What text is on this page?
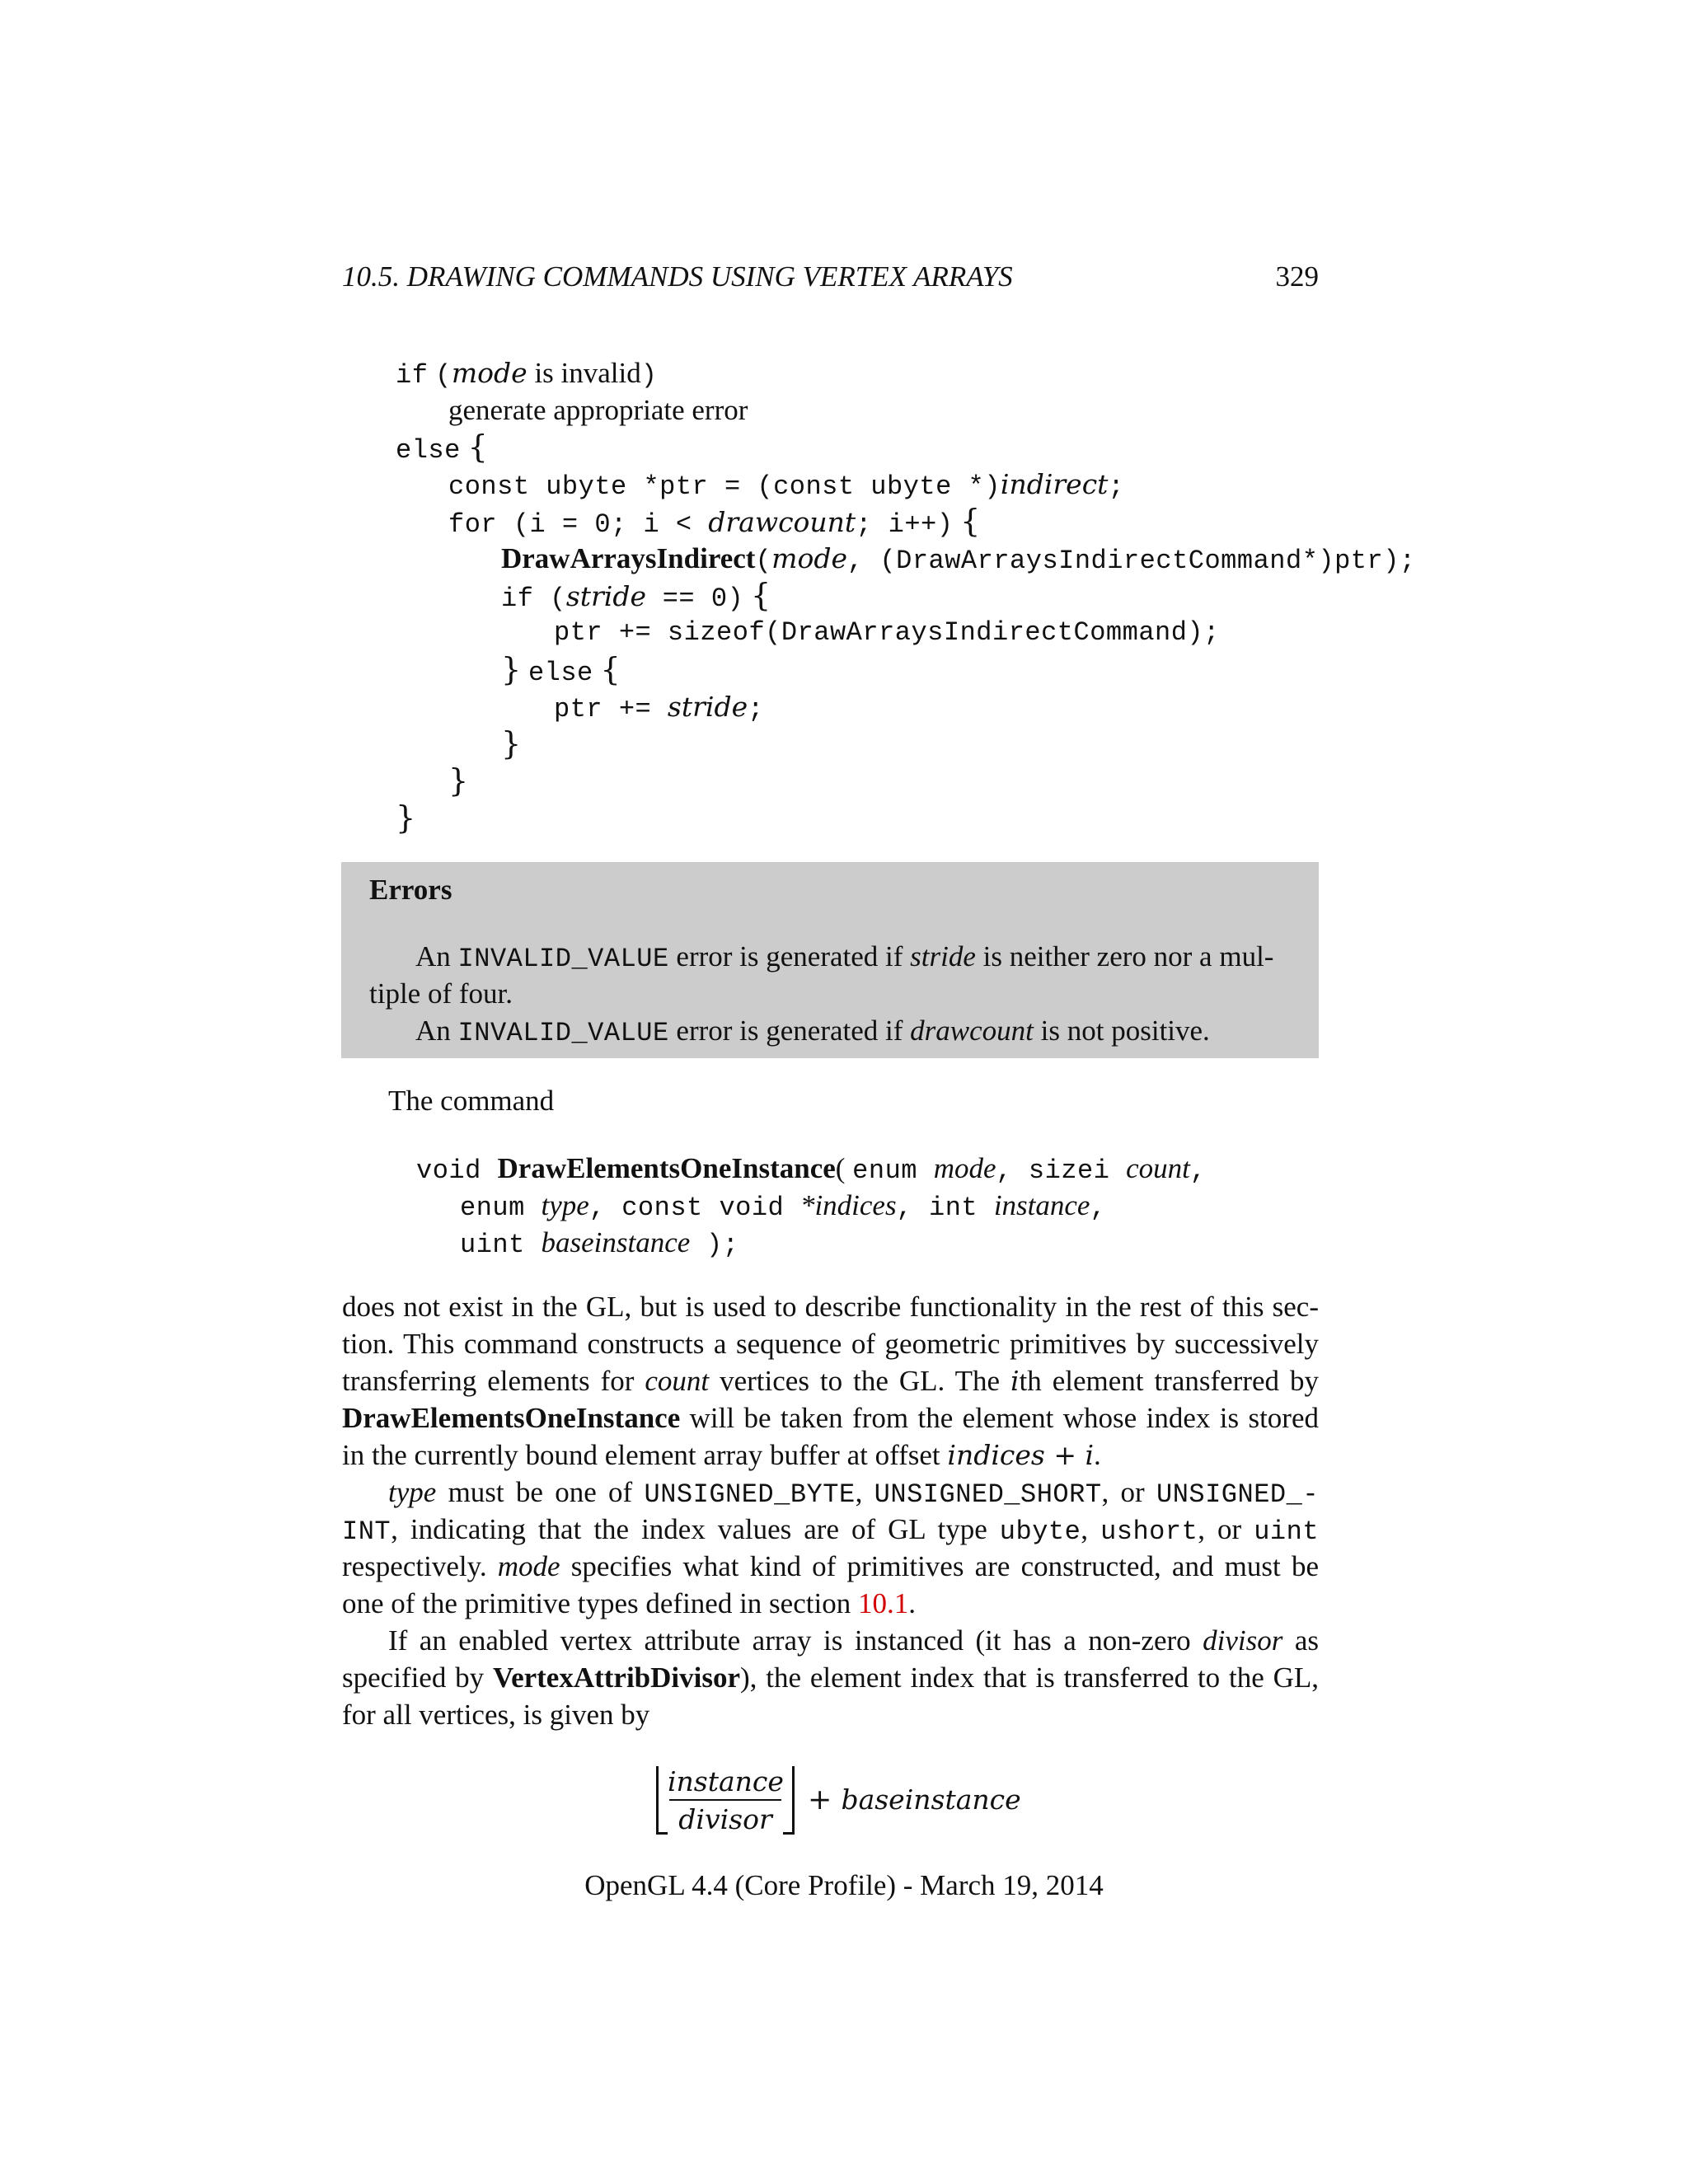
10.5. DRAWING COMMANDS USING VERTEX ARRAYS	329
if (mode is invalid)
generate appropriate error
else {
const ubyte *ptr = (const ubyte *)indirect;
for (i = 0; i < drawcount; i++) {
DrawArraysIndirect(mode, (DrawArraysIndirectCommand*)ptr);
if (stride == 0) {
ptr += sizeof(DrawArraysIndirectCommand);
} else {
ptr += stride;
}
}
}
Errors
An INVALID_VALUE error is generated if stride is neither zero nor a mul-
tiple of four.
An INVALID_VALUE error is generated if drawcount is not positive.
The command
void DrawElementsOneInstance( enum mode, sizei count,
enum type, const void *indices, int instance,
uint baseinstance );
does not exist in the GL, but is used to describe functionality in the rest of this sec-
tion. This command constructs a sequence of geometric primitives by successively
transferring elements for count vertices to the GL. The ith element transferred by
DrawElementsOneInstance will be taken from the element whose index is stored
in the currently bound element array buffer at offset indices + i.
type must be one of UNSIGNED_BYTE, UNSIGNED_SHORT, or UNSIGNED_-
INT, indicating that the index values are of GL type ubyte, ushort, or uint
respectively. mode specifies what kind of primitives are constructed, and must be
one of the primitive types defined in section 10.1.
If an enabled vertex attribute array is instanced (it has a non-zero divisor as
specified by VertexAttribDivisor), the element index that is transferred to the GL,
for all vertices, is given by
instance
divisor
+ baseinstance
OpenGL 4.4 (Core Profile) - March 19, 2014
